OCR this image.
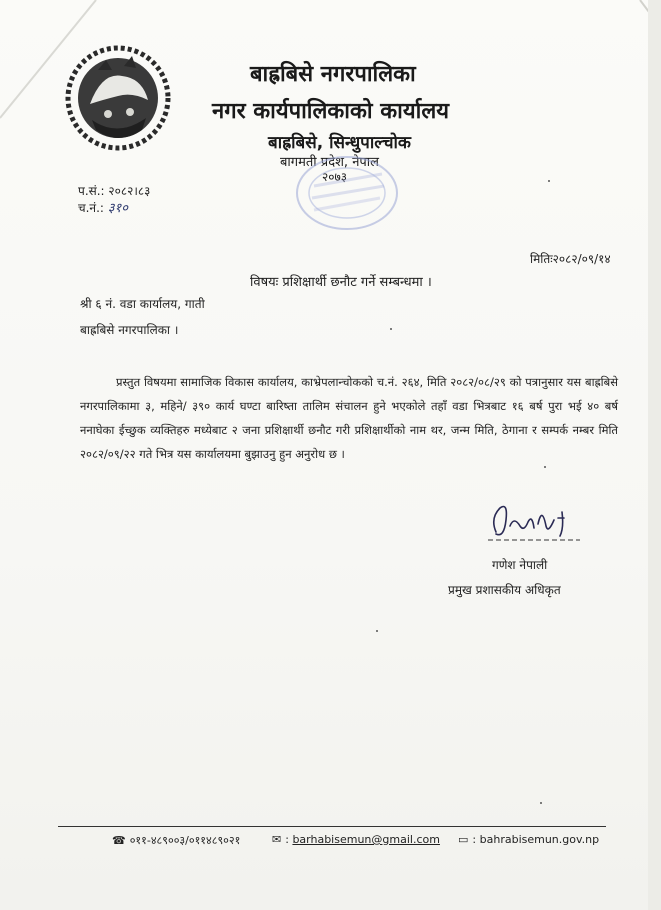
बाह्रबिसे नगरपालिका
नगर कार्यपालिकाको कार्यालय
बाह्रबिसे, सिन्धुपाल्चोक
बागमती प्रदेश, नेपाल
२०७३
प.सं.: २०८२।८३
च.नं.: ३१०
मितिः२०८२/०९/१४
विषयः प्रशिक्षार्थी छनौट गर्ने सम्बन्धमा ।
श्री ६ नं. वडा कार्यालय, गाती
बाह्रबिसे नगरपालिका ।
प्रस्तुत विषयमा सामाजिक विकास कार्यालय, काभ्रेपलान्चोकको च.नं. २६४, मिति २०८२/०८/२९ को पत्रानुसार यस बाह्रबिसे नगरपालिकामा ३, महिने/ ३९० कार्य घण्टा बारिष्ता तालिम संचालन हुने भएकोले तहाँ वडा भित्रबाट १६ बर्ष पुरा भई ४० बर्ष ननाघेका ईच्छुक व्यक्तिहरु मध्येबाट २ जना प्रशिक्षार्थी छनौट गरी प्रशिक्षार्थीको नाम थर, जन्म मिति, ठेगाना र सम्पर्क नम्बर मिति २०८२/०९/२२ गते भित्र यस कार्यालयमा बुझाउनु हुन अनुरोध छ ।
गणेश नेपाली
प्रमुख प्रशासकीय अधिकृत
☎ ०११-४८९००३/०११४८९०२१	✉ : barhabisemun@gmail.com ▭ : bahrabisemun.gov.np
